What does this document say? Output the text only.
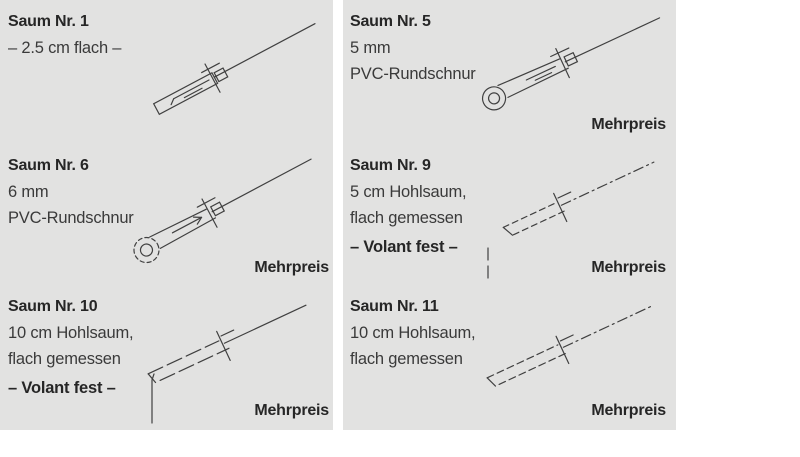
Saum Nr. 1

– 2.5 cm flach –

Saum Nr. 6

6 mm

PVC-Rundschnur

Mehrpreis
Saum Nr. 10

10 cm Hohlsaum,

flach gemessen

– Volant fest –

Mehrpreis
Saum Nr. 5

5 mm

PVC-Rundschnur

Mehrpreis
Saum Nr. 9

5 cm Hohlsaum,

flach gemessen

– Volant fest –

Mehrpreis
Saum Nr. 11

10 cm Hohlsaum,

flach gemessen

Mehrpreis
